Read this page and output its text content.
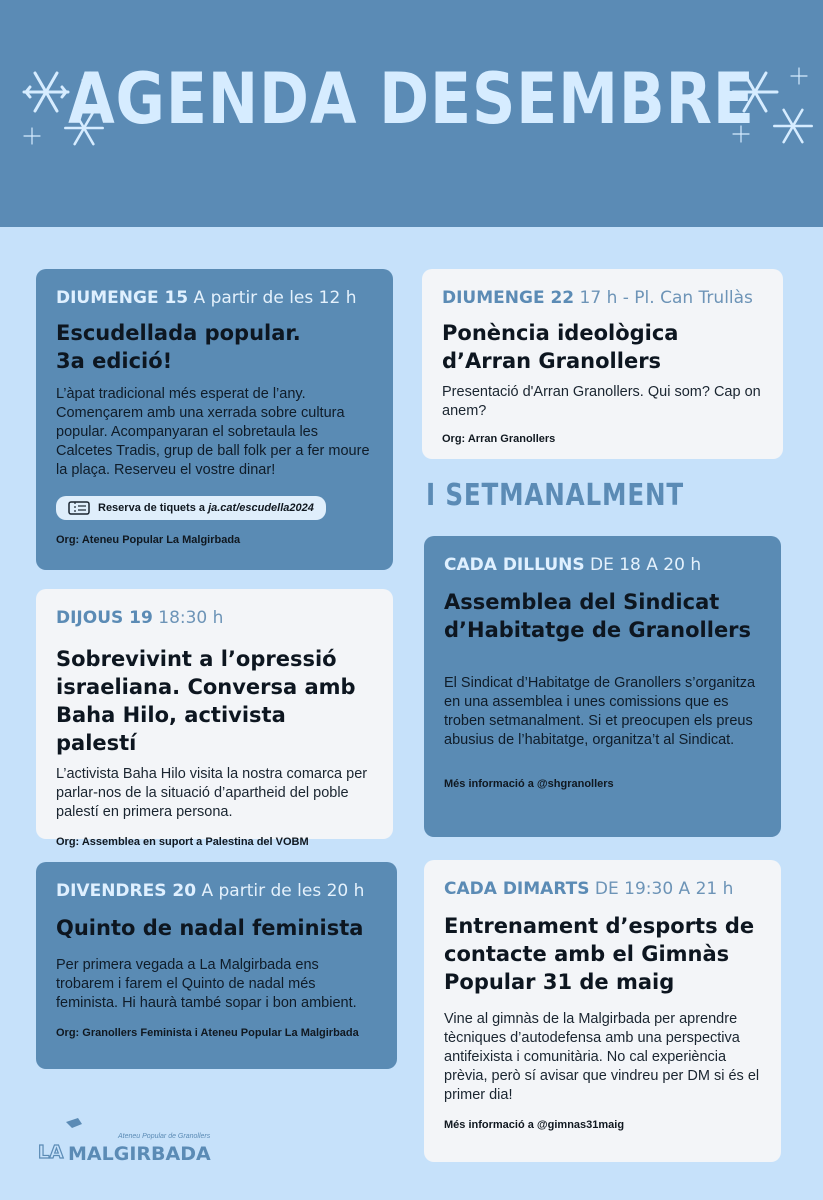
AGENDA DESEMBRE
DIUMENGE 15 A partir de les 12 h
Escudellada popular.
3a edició!
L’àpat tradicional més esperat de l’any. Començarem amb una xerrada sobre cultura popular. Acompanyaran el sobretaula les Calcetes Tradis, grup de ball folk per a fer moure la plaça. Reserveu el vostre dinar!
Reserva de tiquets a ja.cat/escudella2024
Org: Ateneu Popular La Malgirbada
DIUMENGE 22 17 h - Pl. Can Trullàs
Ponència ideològica d’Arran Granollers
Presentació d'Arran Granollers. Qui som? Cap on anem?
Org: Arran Granollers
DIJOUS 19 18:30 h
Sobrevivint a l’opressió israeliana. Conversa amb Baha Hilo, activista palestí
L’activista Baha Hilo visita la nostra comarca per parlar-nos de la situació d’apartheid del poble palestí en primera persona.
Org: Assemblea en suport a Palestina del VOBM
DIVENDRES 20 A partir de les 20 h
Quinto de nadal feminista
Per primera vegada a La Malgirbada ens trobarem i farem el Quinto de nadal més feminista. Hi haurà també sopar i bon ambient.
Org: Granollers Feminista i Ateneu Popular La Malgirbada
I SETMANALMENT
CADA DILLUNS DE 18 A 20 h
Assemblea del Sindicat d’Habitatge de Granollers
El Sindicat d’Habitatge de Granollers s’organitza en una assemblea i unes comissions que es troben setmanalment. Si et preocupen els preus abusius de l’habitatge, organitza’t al Sindicat.
Més informació a @shgranollers
CADA DIMARTS DE 19:30 A 21 h
Entrenament d’esports de contacte amb el Gimnàs Popular 31 de maig
Vine al gimnàs de la Malgirbada per aprendre tècniques d’autodefensa amb una perspectiva antifeixista i comunitària. No cal experiència prèvia, però sí avisar que vindreu per DM si és el primer dia!
Més informació a @gimnas31maig
Ateneu Popular de Granollers
LA MALGIRBADA
